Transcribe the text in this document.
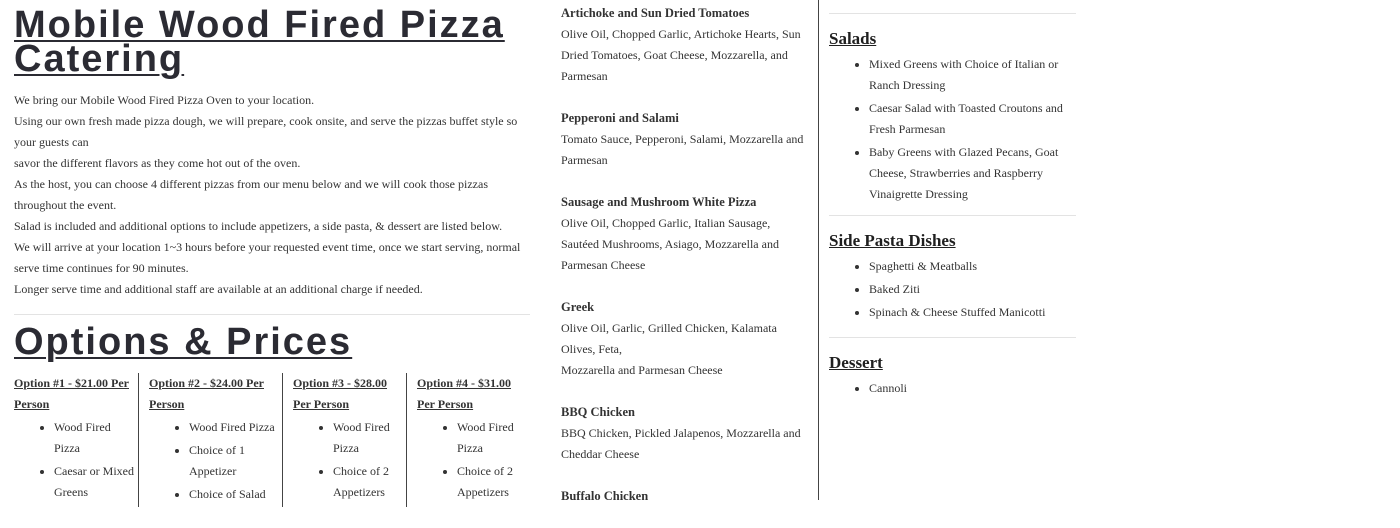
Mobile Wood Fired Pizza
Catering

We bring our Mobile Wood Fired Pizza Oven to your location.

Using our own fresh made pizza dough, we will prepare, cook onsite, and serve the pizzas buffet style so your guests can

savor the different flavors as they come hot out of the oven.

As the host, you can choose 4 different pizzas from our menu below and we will cook those pizzas throughout the event.

Salad is included and additional options to include appetizers, a side pasta, & dessert are listed below.

We will arrive at your location 1~3 hours before your requested event time, once we start serving, normal serve time continues for 90 minutes.

Longer serve time and additional staff are available at an additional charge if needed.

Options & Prices
Option #1 - $21.00 Per Person
• Wood Fired Pizza
• Caesar or Mixed Greens
Option #2 - $24.00 Per Person
• Wood Fired Pizza
• Choice of 1 Appetizer
• Choice of Salad
Option #3 - $28.00 Per Person
• Wood Fired Pizza
• Choice of 2 Appetizers
Option #4 - $31.00 Per Person
• Wood Fired Pizza
• Choice of 2 Appetizers
Artichoke and Sun Dried Tomatoes
Olive Oil, Chopped Garlic, Artichoke Hearts, Sun Dried Tomatoes, Goat Cheese, Mozzarella, and Parmesan
Pepperoni and Salami
Tomato Sauce, Pepperoni, Salami, Mozzarella and Parmesan
Sausage and Mushroom White Pizza
Olive Oil, Chopped Garlic, Italian Sausage, Sautéed Mushrooms, Asiago, Mozzarella and Parmesan Cheese
Greek
Olive Oil, Garlic, Grilled Chicken, Kalamata Olives, Feta,
Mozzarella and Parmesan Cheese
BBQ Chicken
BBQ Chicken, Pickled Jalapenos, Mozzarella and Cheddar Cheese
Buffalo Chicken
Salads
• Mixed Greens with Choice of Italian or Ranch Dressing
• Caesar Salad with Toasted Croutons and Fresh Parmesan
• Baby Greens with Glazed Pecans, Goat Cheese, Strawberries and Raspberry Vinaigrette Dressing
Side Pasta Dishes
• Spaghetti & Meatballs
• Baked Ziti
• Spinach & Cheese Stuffed Manicotti
Dessert
• Cannoli
